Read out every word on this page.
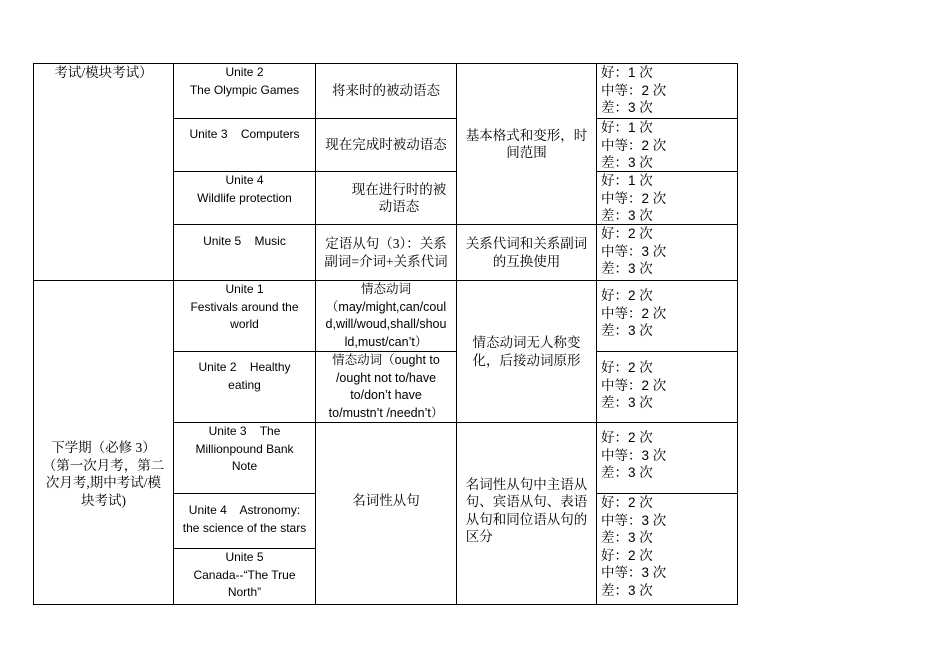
考试/模块考试）
下学期（必修 3）
（第一次月考，第二
次月考,期中考试/模
块考试)
Unite 2
The Olympic Games
Unite 3    Computers
Unite 4
Wildlife protection
Unite 5    Music
Unite 1
Festivals around the
world
Unite 2    Healthy
eating
Unite 3    The
Millionpound Bank
Note
Unite 4    Astronomy:
the science of the stars
Unite 5
Canada--“The True
North”
将来时的被动语态
现在完成时被动语态
现在进行时的被
动语态
定语从句（3）：关系
副词=介词+关系代词
情态动词
（may/might,can/coul
d,will/woud,shall/shou
ld,must/can’t）
情态动词（ought to
/ought not to/have
to/don’t have
to/mustn’t /needn’t）
名词性从句
基本格式和变形，时
间范围
关系代词和关系副词
的互换使用
情态动词无人称变
化，后接动词原形
名词性从句中主语从
句、宾语从句、表语
从句和同位语从句的
区分
好：1 次
中等：2 次
差：3 次
好：1 次
中等：2 次
差：3 次
好：1 次
中等：2 次
差：3 次
好：2 次
中等：3 次
差：3 次
好：2 次
中等：2 次
差：3 次
好：2 次
中等：2 次
差：3 次
好：2 次
中等：3 次
差：3 次
好：2 次
中等：3 次
差：3 次
好：2 次
中等：3 次
差：3 次
